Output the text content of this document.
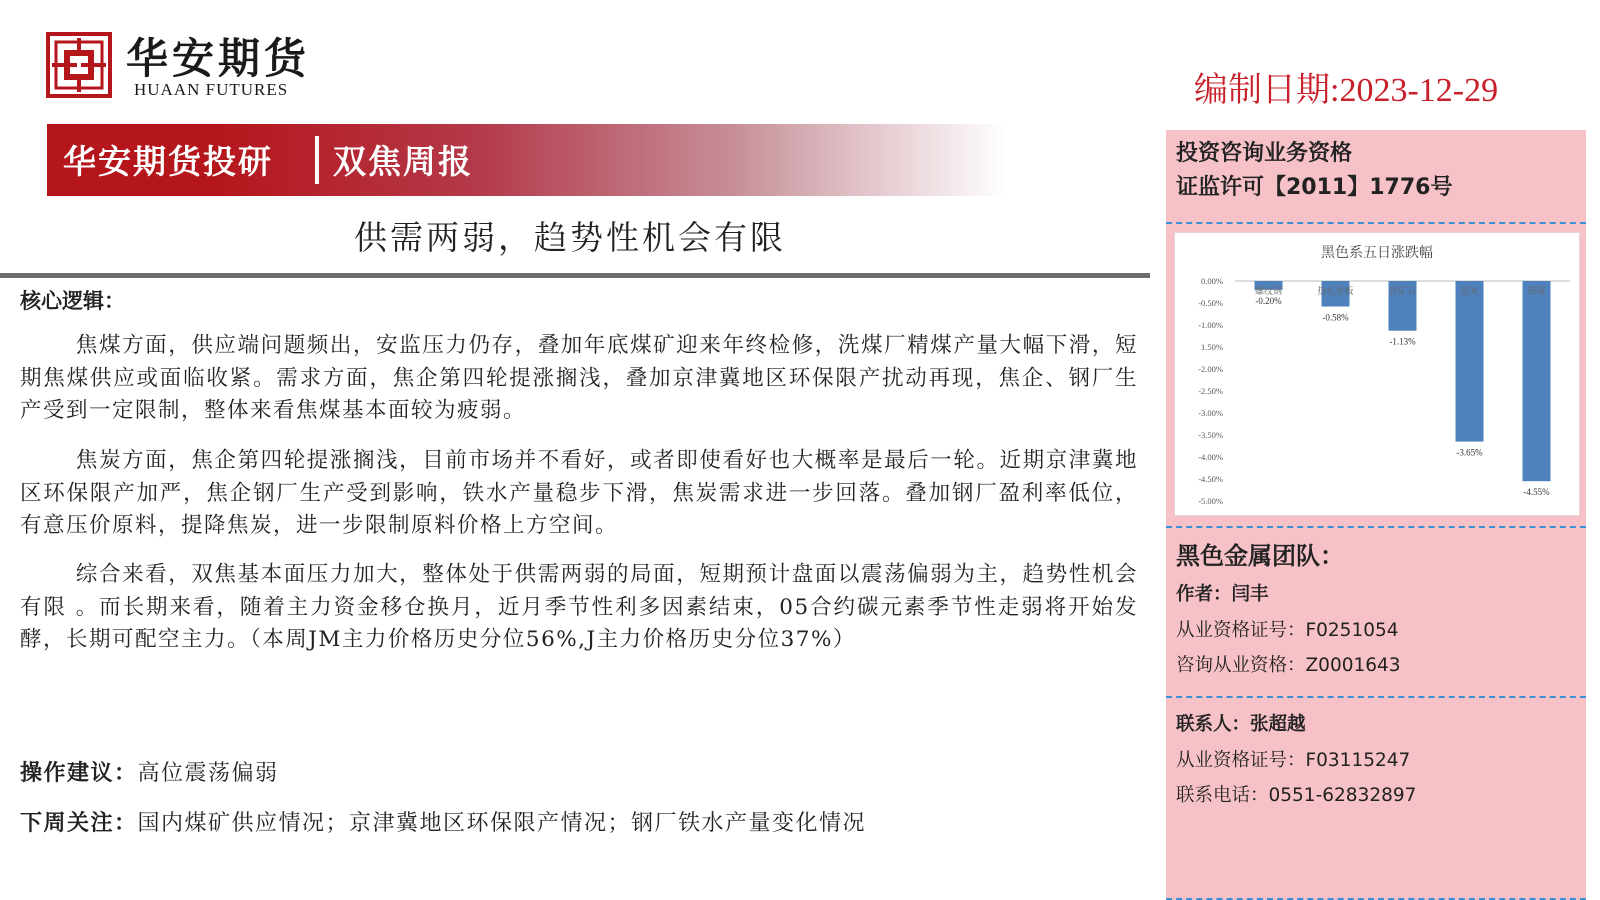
华安期货
HUAAN FUTURES	编制日期:2023-12-29
华安期货投研 双焦周报
供需两弱，趋势性机会有限
核心逻辑：

焦煤方面，供应端问题频出，安监压力仍存，叠加年底煤矿迎来年终检修，洗煤厂精煤产量大幅下滑，短期焦煤供应或面临收紧。需求方面，焦企第四轮提涨搁浅，叠加京津冀地区环保限产扰动再现，焦企、钢厂生产受到一定限制，整体来看焦煤基本面较为疲弱。

焦炭方面，焦企第四轮提涨搁浅，目前市场并不看好，或者即使看好也大概率是最后一轮。近期京津冀地区环保限产加严，焦企钢厂生产受到影响，铁水产量稳步下滑，焦炭需求进一步回落。叠加钢厂盈利率低位，有意压价原料，提降焦炭，进一步限制原料价格上方空间。

综合来看，双焦基本面压力加大，整体处于供需两弱的局面，短期预计盘面以震荡偏弱为主，趋势性机会有限 。而长期来看，随着主力资金移仓换月，近月季节性利多因素结束，05合约碳元素季节性走弱将开始发酵，长期可配空主力。（本周JM主力价格历史分位56%,J主力价格历史分位37%）

操作建议：高位震荡偏弱
下周关注：国内煤矿供应情况；京津冀地区环保限产情况；钢厂铁水产量变化情况
投资咨询业务资格
证监许可【2011】1776号
黑色系五日涨跌幅
0.00%
-0.50%
-1.00%
1.50%
-2.00%
-2.50%
-3.00%
-3.50%
-4.00%
-4.50%
-5.00%
螺纹钢
-0.20%
热轧卷板
-0.58%
铁矿石
-1.13%
焦炭
-3.65%
焦煤
-4.55%
黑色金属团队：
作者：闫丰
从业资格证号：F0251054
咨询从业资格：Z0001643
联系人：张超越
从业资格证号：F03115247
联系电话：0551-62832897
